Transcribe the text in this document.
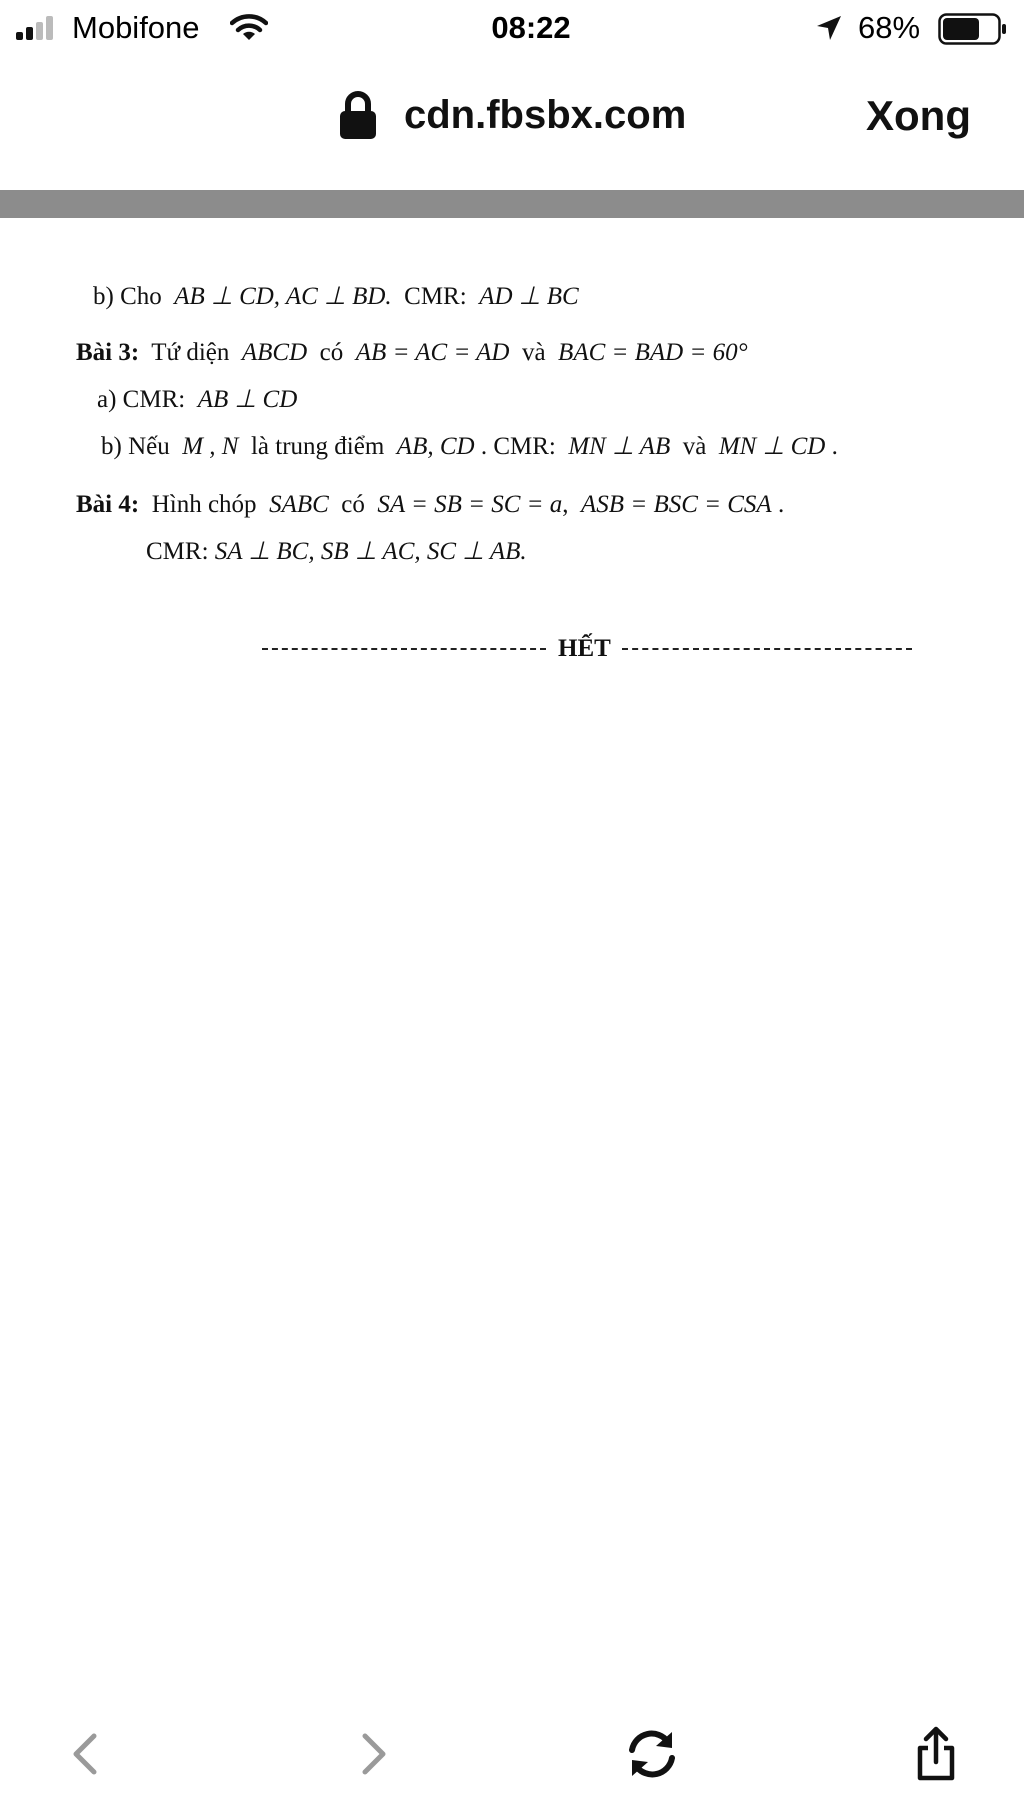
Mobifone	08:22	68%
cdn.fbsbx.com	Xong
b) Cho AB ⊥ CD, AC ⊥ BD. CMR: AD ⊥ BC
Bài 3: Tứ diện ABCD có AB = AC = AD và BAC = BAD = 60°
a) CMR: AB ⊥ CD
b) Nếu M , N là trung điểm AB, CD . CMR: MN ⊥ AB và MN ⊥ CD .
Bài 4: Hình chóp SABC có SA = SB = SC = a, ASB = BSC = CSA .
CMR: SA ⊥ BC, SB ⊥ AC, SC ⊥ AB.
HẾT
